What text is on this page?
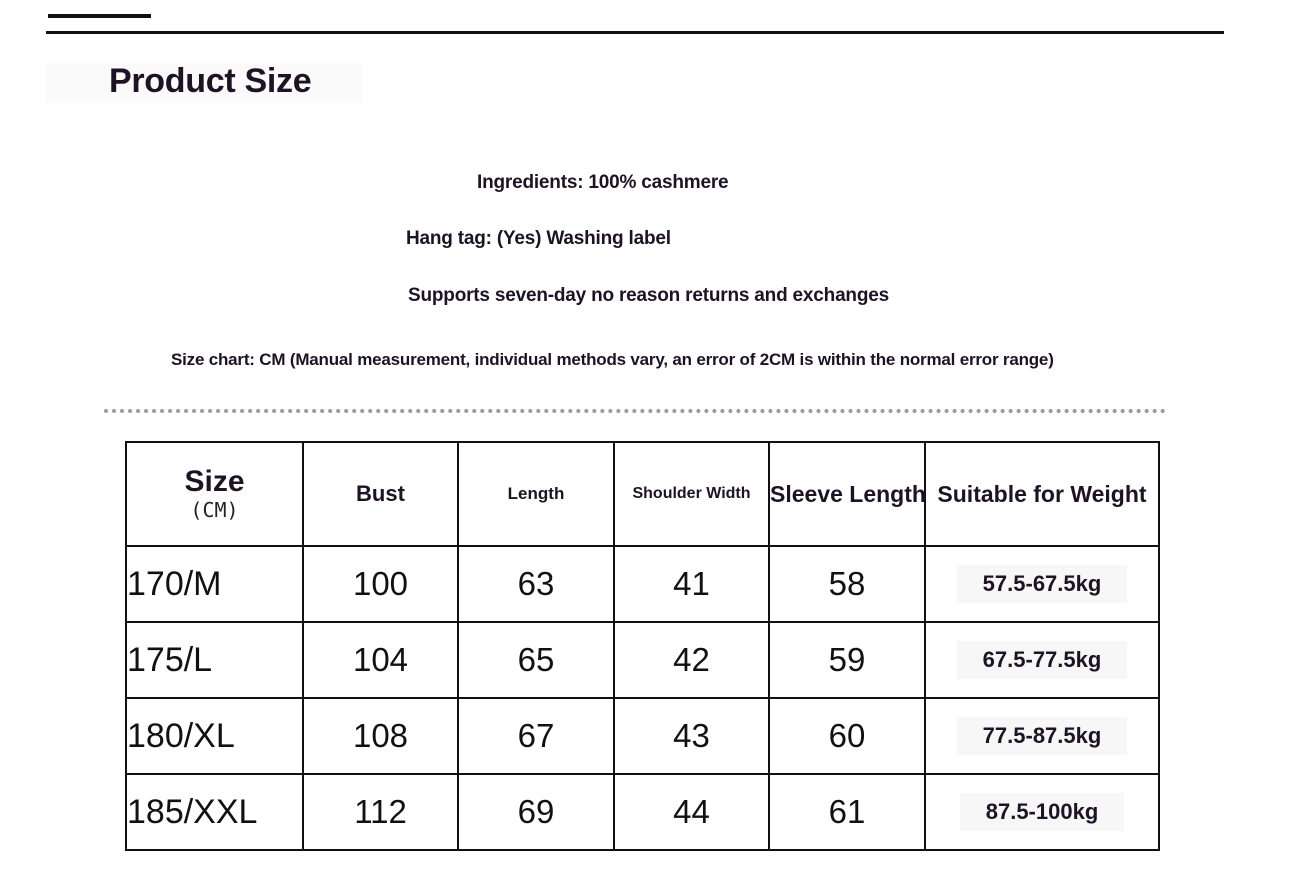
Product Size
Ingredients: 100% cashmere
Hang tag: (Yes) Washing label
Supports seven-day no reason returns and exchanges
Size chart: CM (Manual measurement, individual methods vary, an error of 2CM is within the normal error range)
Size
(CM)	Bust	Length	Shoulder Width	Sleeve Length	Suitable for Weight
170/M	100	63	41	58	57.5-67.5kg
175/L	104	65	42	59	67.5-77.5kg
180/XL	108	67	43	60	77.5-87.5kg
185/XXL	112	69	44	61	87.5-100kg
